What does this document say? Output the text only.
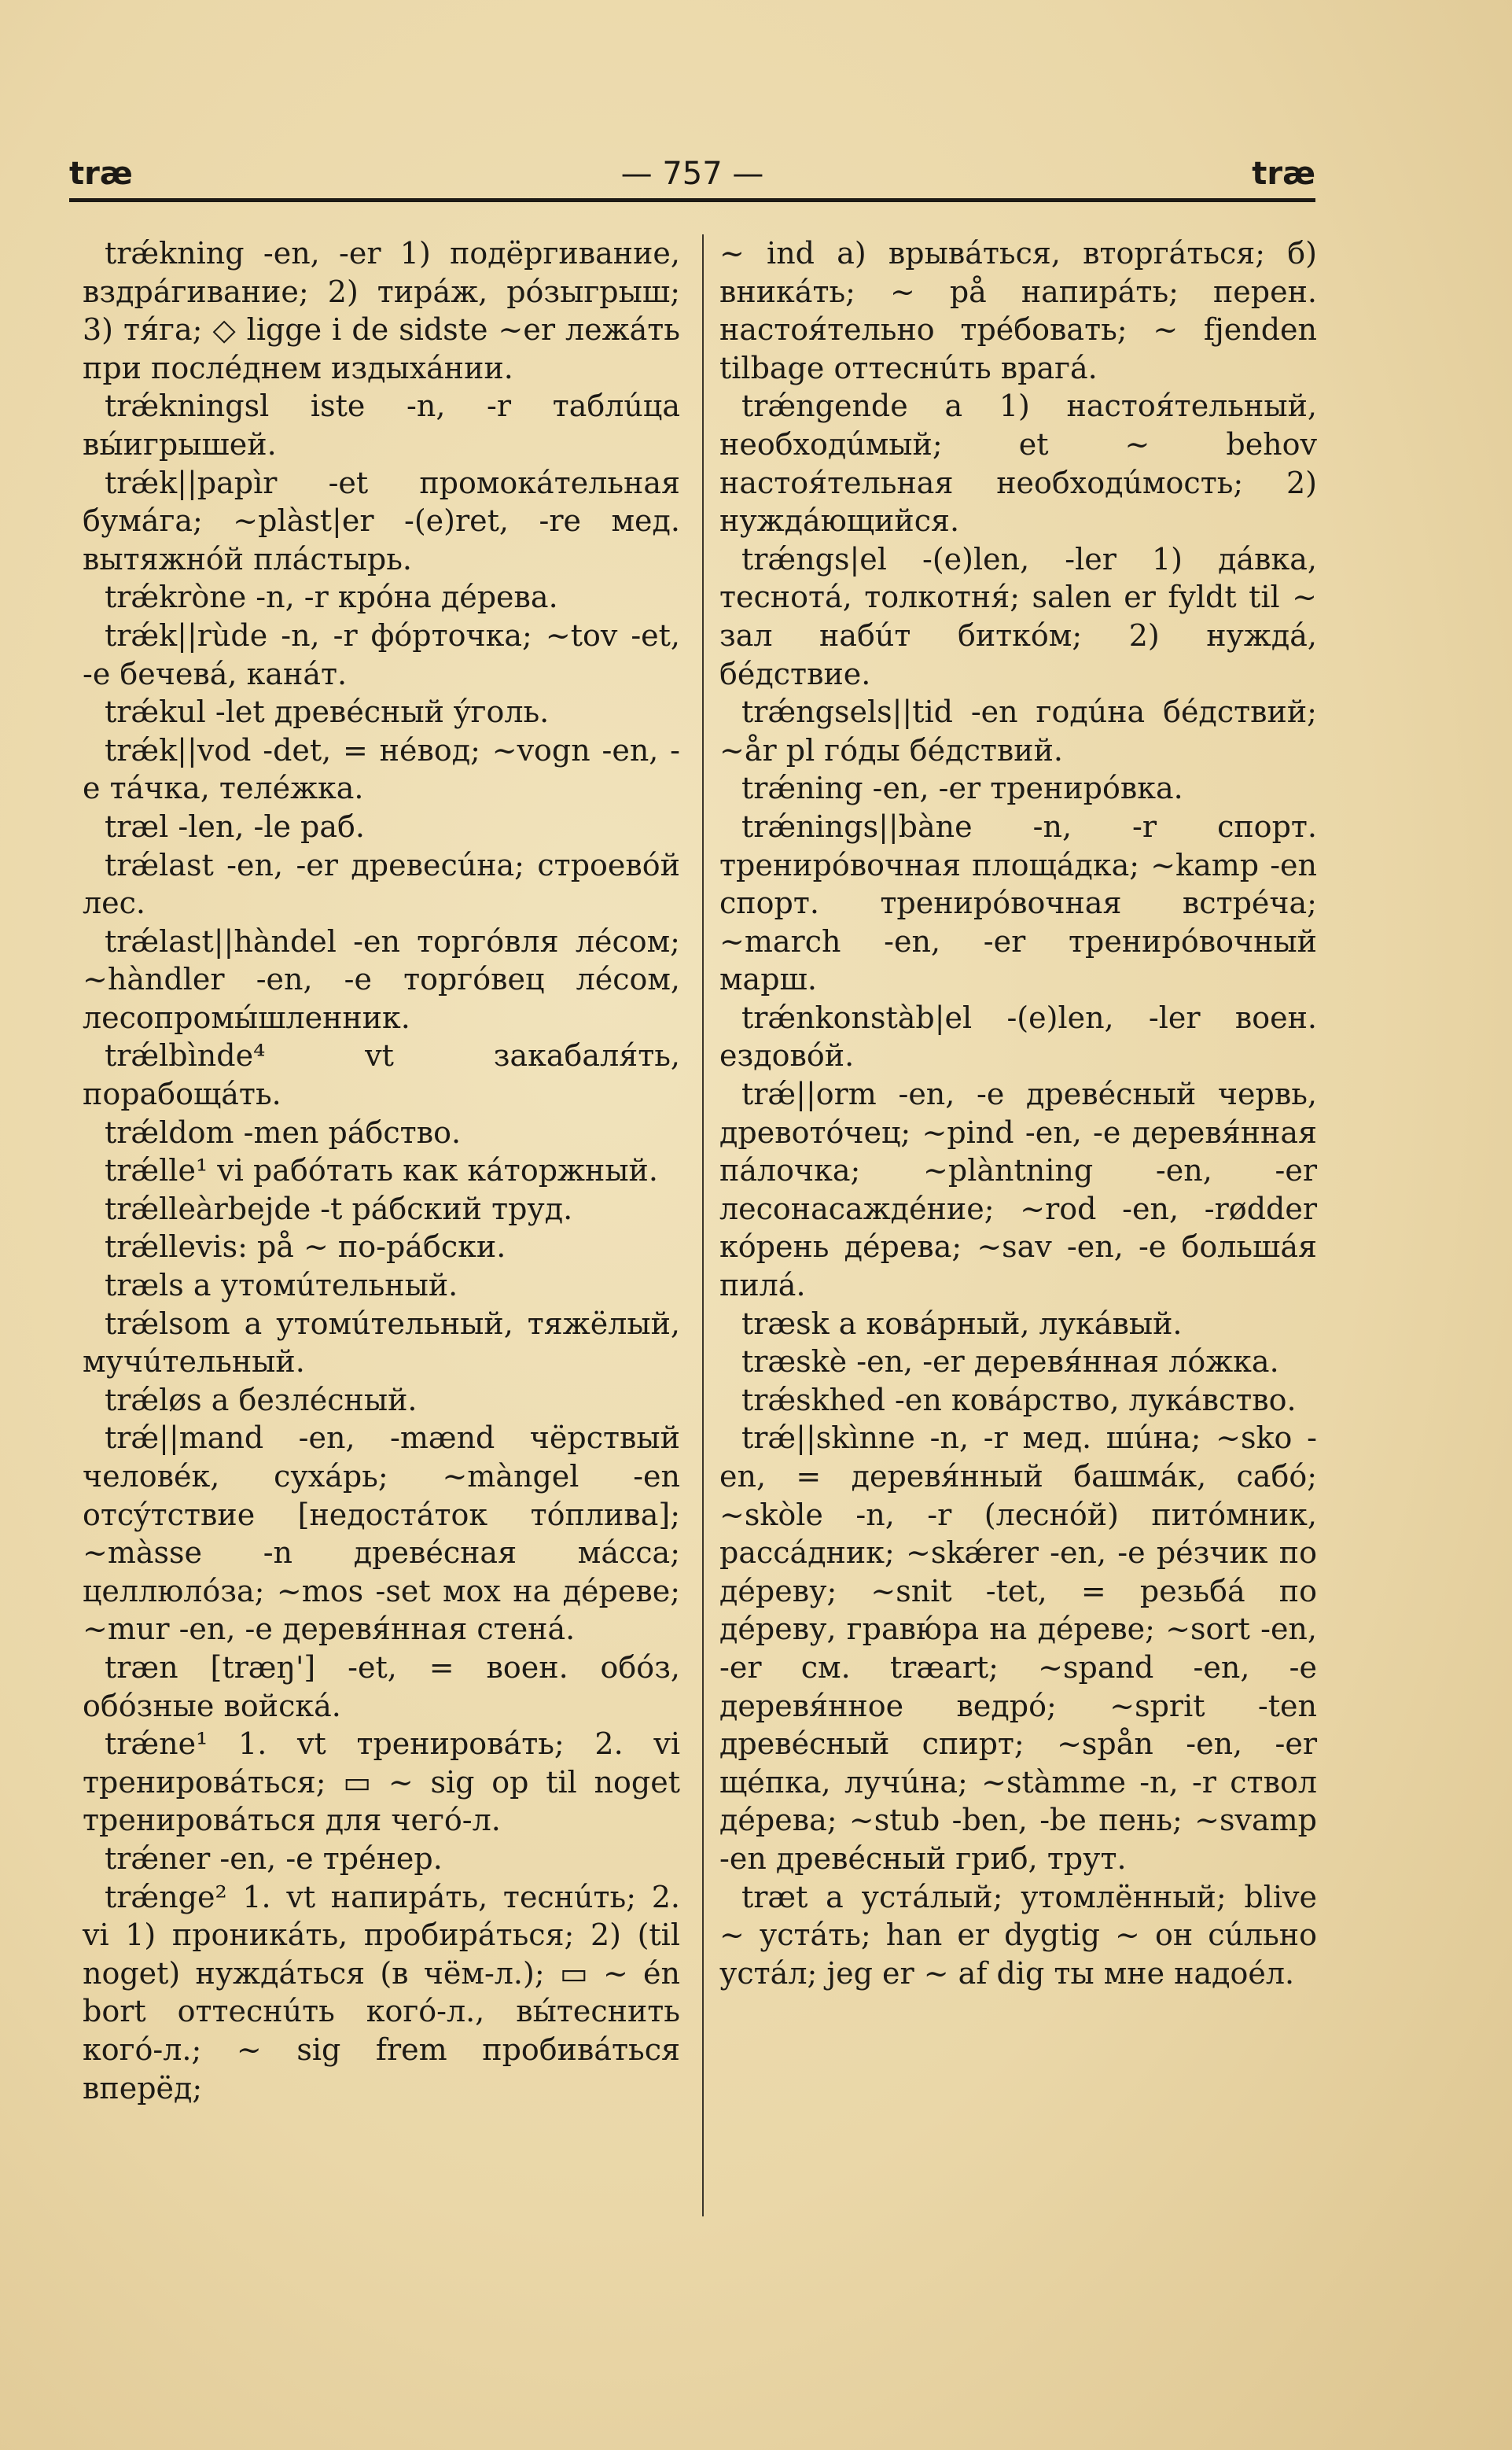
— 757 —
træ	træ

trǽkning -en, -er 1) подёргивание, вздрáгивание; 2) тирáж, рóзыгрыш; 3) тя́га; ◇ ligge i de sidste ~er лежáть при послéднем издыхáнии.

trǽkningsl iste -n, -r таблúца вы́игрышей.

trǽk||papìr -et промокáтельная бумáга; ~plàst|er -(e)ret, -re мед. вытяжнóй плáстырь.

trǽkròne -n, -r крóна дéрева.

trǽk||rùde -n, -r фóрточка; ~tov -et, -e бечевá, канáт.

trǽkul -let древéсный ýголь.

trǽk||vod -det, = нéвод; ~vogn -en, -e тáчка, телéжка.

træl -len, -le раб.

trǽlast -en, -er древесúна; строевóй лес.

trǽlast||hàndel -en торгóвля лéсом; ~hàndler -en, -e торгóвец лéсом, лесопромы́шленник.

trǽlbìnde⁴ vt закабаля́ть, порабощáть.

trǽldom -men рáбство.

trǽlle¹ vi рабóтать как кáторжный.

trǽlleàrbejde -t рáбский труд.

trǽllevis: på ~ по-рáбски.

træls a утомúтельный.

trǽlsom a утомúтельный, тяжёлый, мучúтельный.

trǽløs a безлéсный.

trǽ||mand -en, -mænd чёрствый человéк, сухáрь; ~màngel -en отсýтствие [недостáток тóплива]; ~màsse -n древéсная мáсса; целлюлóза; ~mos -set мох на дéреве; ~mur -en, -e деревя́нная стенá.

træn [træŋ'] -et, = воен. обóз, обóзные войскá.

trǽne¹ 1. vt тренировáть; 2. vi тренировáться; ▭ ~ sig op til noget тренировáться для чегó-л.

trǽner -en, -e трéнер.

trǽnge² 1. vt напирáть, теснúть; 2. vi 1) проникáть, пробирáться; 2) (til noget) нуждáться (в чём-л.); ▭ ~ én bort оттеснúть когó-л., вы́теснить когó-л.; ~ sig frem пробивáться вперёд;

~ ind а) врывáться, вторгáться; б) вникáть; ~ på напирáть; перен. настоя́тельно трéбовать; ~ fjenden tilbage оттеснúть врагá.

trǽngende a 1) настоя́тельный, необходúмый; et ~ behov настоя́тельная необходúмость; 2) нуждáющийся.

trǽngs|el -(e)len, -ler 1) дáвка, теснотá, толкотня́; salen er fyldt til ~ зал набúт биткóм; 2) нуждá, бéдствие.

trǽngsels||tid -en годúна бéдствий; ~år pl гóды бéдствий.

trǽning -en, -er тренирóвка.

trǽnings||bàne -n, -r спорт. тренирóвочная площáдка; ~kamp -en спорт. тренирóвочная встрéча; ~march -en, -er тренирóвочный марш.

trǽnkonstàb|el -(e)len, -ler воен. ездовóй.

trǽ||orm -en, -e древéсный червь, древотóчец; ~pind -en, -e деревя́нная пáлочка; ~plàntning -en, -er лесонасаждéние; ~rod -en, -rødder кóрень дéрева; ~sav -en, -e большáя пилá.

træsk a ковáрный, лукáвый.

træskè -en, -er деревя́нная лóжка.

trǽskhed -en ковáрство, лукáвство.

trǽ||skìnne -n, -r мед. шúна; ~sko -en, = деревя́нный башмáк, сабó; ~skòle -n, -r (леснóй) питóмник, рассáдник; ~skǽrer -en, -e рéзчик по дéреву; ~snit -tet, = резьбá по дéреву, гравю́ра на дéреве; ~sort -en, -er см. træart; ~spand -en, -e деревя́нное ведрó; ~sprit -ten древéсный спирт; ~spån -en, -er щéпка, лучúна; ~stàmme -n, -r ствол дéрева; ~stub -ben, -be пень; ~svamp -en древéсный гриб, трут.

træt a устáлый; утомлённый; blive ~ устáть; han er dygtig ~ он сúльно устáл; jeg er ~ af dig ты мне надоéл.
